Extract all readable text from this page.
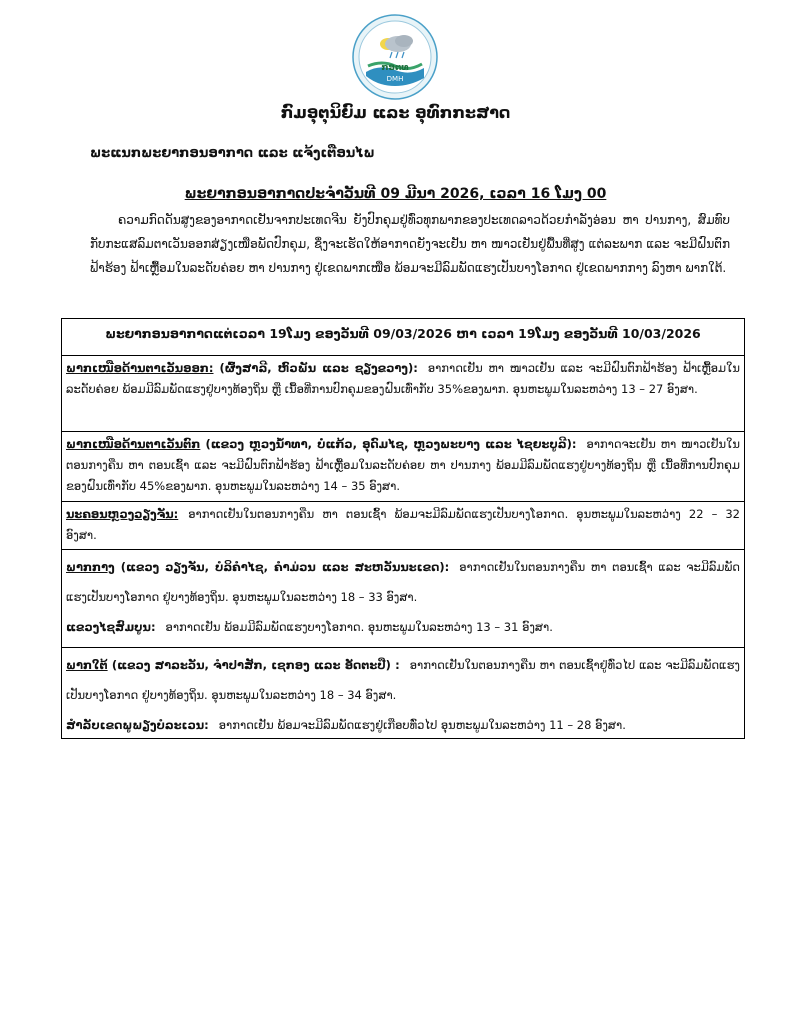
ກອຕທ
DMH
ກົມອຸຕຸນິຍົມ ແລະ ອຸທົກກະສາດ
ພະແນກພະຍາກອນອາກາດ ແລະ ແຈ້ງເຕືອນໄພ
ພະຍາກອນອາກາດປະຈໍາວັນທີ 09 ມີນາ 2026, ເວລາ 16 ໂມງ 00
ຄວາມກົດດັນສູງຂອງອາກາດເຢັນຈາກປະເທດຈີນ ຍັງປົກຄຸມຢູ່ທົ່ວທຸກພາກຂອງປະເທດລາວດ້ວຍກໍາລັງອ່ອນ ຫາ ປານກາງ, ສົມທົບກັບກະແສລົມຕາເວັນອອກສ່ຽງເໜືອພັດປົກຄຸມ, ຊຶ່ງຈະເຮັດໃຫ້ອາກາດຍັງຈະເຢັນ ຫາ ໜາວເຢັນຢູ່ພື້ນທີ່ສູງ ແຕ່ລະພາກ ແລະ ຈະມີຝົນຕົກຟ້າຮ້ອງ ຟ້າເຫຼື້ອມໃນລະດັບຄ່ອຍ ຫາ ປານກາງ ຢູ່ເຂດພາກເໜືອ ພ້ອມຈະມີລົມພັດແຮງເປັນບາງໂອກາດ ຢູ່ເຂດພາກກາງ ລົງຫາ ພາກໃຕ້.
ພະຍາກອນອາກາດແຕ່ເວລາ 19ໂມງ ຂອງວັນທີ 09/03/2026 ຫາ ເວລາ 19ໂມງ ຂອງວັນທີ 10/03/2026
ພາກເໜືອດ້ານຕາເວັນອອກ: (ຜົ້ງສາລີ, ຫົວພັນ ແລະ ຊຽງຂວາງ): ອາກາດເຢັນ ຫາ ໜາວເຢັນ ແລະ ຈະມີຝົນຕົກຟ້າຮ້ອງ ຟ້າເຫຼື້ອມໃນລະດັບຄ່ອຍ ພ້ອມມີລົມພັດແຮງຢູ່ບາງທ້ອງຖິ່ນ ຫຼື ເນື້ອທີ່ການປົກຄຸມຂອງຝົນເທົ່າກັບ 35%ຂອງພາກ. ອຸນຫະພູມໃນລະຫວ່າງ 13 – 27 ອົງສາ.
ພາກເໜືອດ້ານຕາເວັນຕົກ (ແຂວງ ຫຼວງນໍ້າທາ, ບໍ່ແກ້ວ, ອຸດົມໄຊ, ຫຼວງພະບາງ ແລະ ໄຊຍະບູລີ): ອາກາດຈະເຢັນ ຫາ ໜາວເຢັນໃນຕອນກາງຄືນ ຫາ ຕອນເຊົ້າ ແລະ ຈະມີຝົນຕົກຟ້າຮ້ອງ ຟ້າເຫຼື້ອມໃນລະດັບຄ່ອຍ ຫາ ປານກາງ ພ້ອມມີລົມພັດແຮງຢູ່ບາງທ້ອງຖິ່ນ ຫຼື ເນື້ອທີ່ການປົກຄຸມຂອງຝົນເທົ່າກັບ 45%ຂອງພາກ. ອຸນຫະພູມໃນລະຫວ່າງ 14 – 35 ອົງສາ.
ນະຄອນຫຼວງວຽງຈັນ: ອາກາດເຢັນໃນຕອນກາງຄືນ ຫາ ຕອນເຊົ້າ ພ້ອມຈະມີລົມພັດແຮງເປັນບາງໂອກາດ. ອຸນຫະພູມໃນລະຫວ່າງ 22 – 32 ອົງສາ.
ພາກກາງ (ແຂວງ ວຽງຈັນ, ບໍລິຄໍາໄຊ, ຄໍາມ່ວນ ແລະ ສະຫວັນນະເຂດ): ອາກາດເຢັນໃນຕອນກາງຄືນ ຫາ ຕອນເຊົ້າ ແລະ ຈະມີລົມພັດແຮງເປັນບາງໂອກາດ ຢູ່ບາງທ້ອງຖິ່ນ. ອຸນຫະພູມໃນລະຫວ່າງ 18 – 33 ອົງສາ.
ແຂວງໄຊສົມບູນ: ອາກາດເຢັນ ພ້ອມມີລົມພັດແຮງບາງໂອກາດ. ອຸນຫະພູມໃນລະຫວ່າງ 13 – 31 ອົງສາ.
ພາກໃຕ້ (ແຂວງ ສາລະວັນ, ຈໍາປາສັກ, ເຊກອງ ແລະ ອັດຕະປື) : ອາກາດເຢັນໃນຕອນກາງຄືນ ຫາ ຕອນເຊົ້າຢູ່ທົ່ວໄປ ແລະ ຈະມີລົມພັດແຮງເປັນບາງໂອກາດ ຢູ່ບາງທ້ອງຖິ່ນ. ອຸນຫະພູມໃນລະຫວ່າງ 18 – 34 ອົງສາ.
ສໍາລັບເຂດພູພຽງບໍລະເວນ: ອາກາດເຢັນ ພ້ອມຈະມີລົມພັດແຮງຢູ່ເກືອບທົ່ວໄປ ອຸນຫະພູມໃນລະຫວ່າງ 11 – 28 ອົງສາ.
